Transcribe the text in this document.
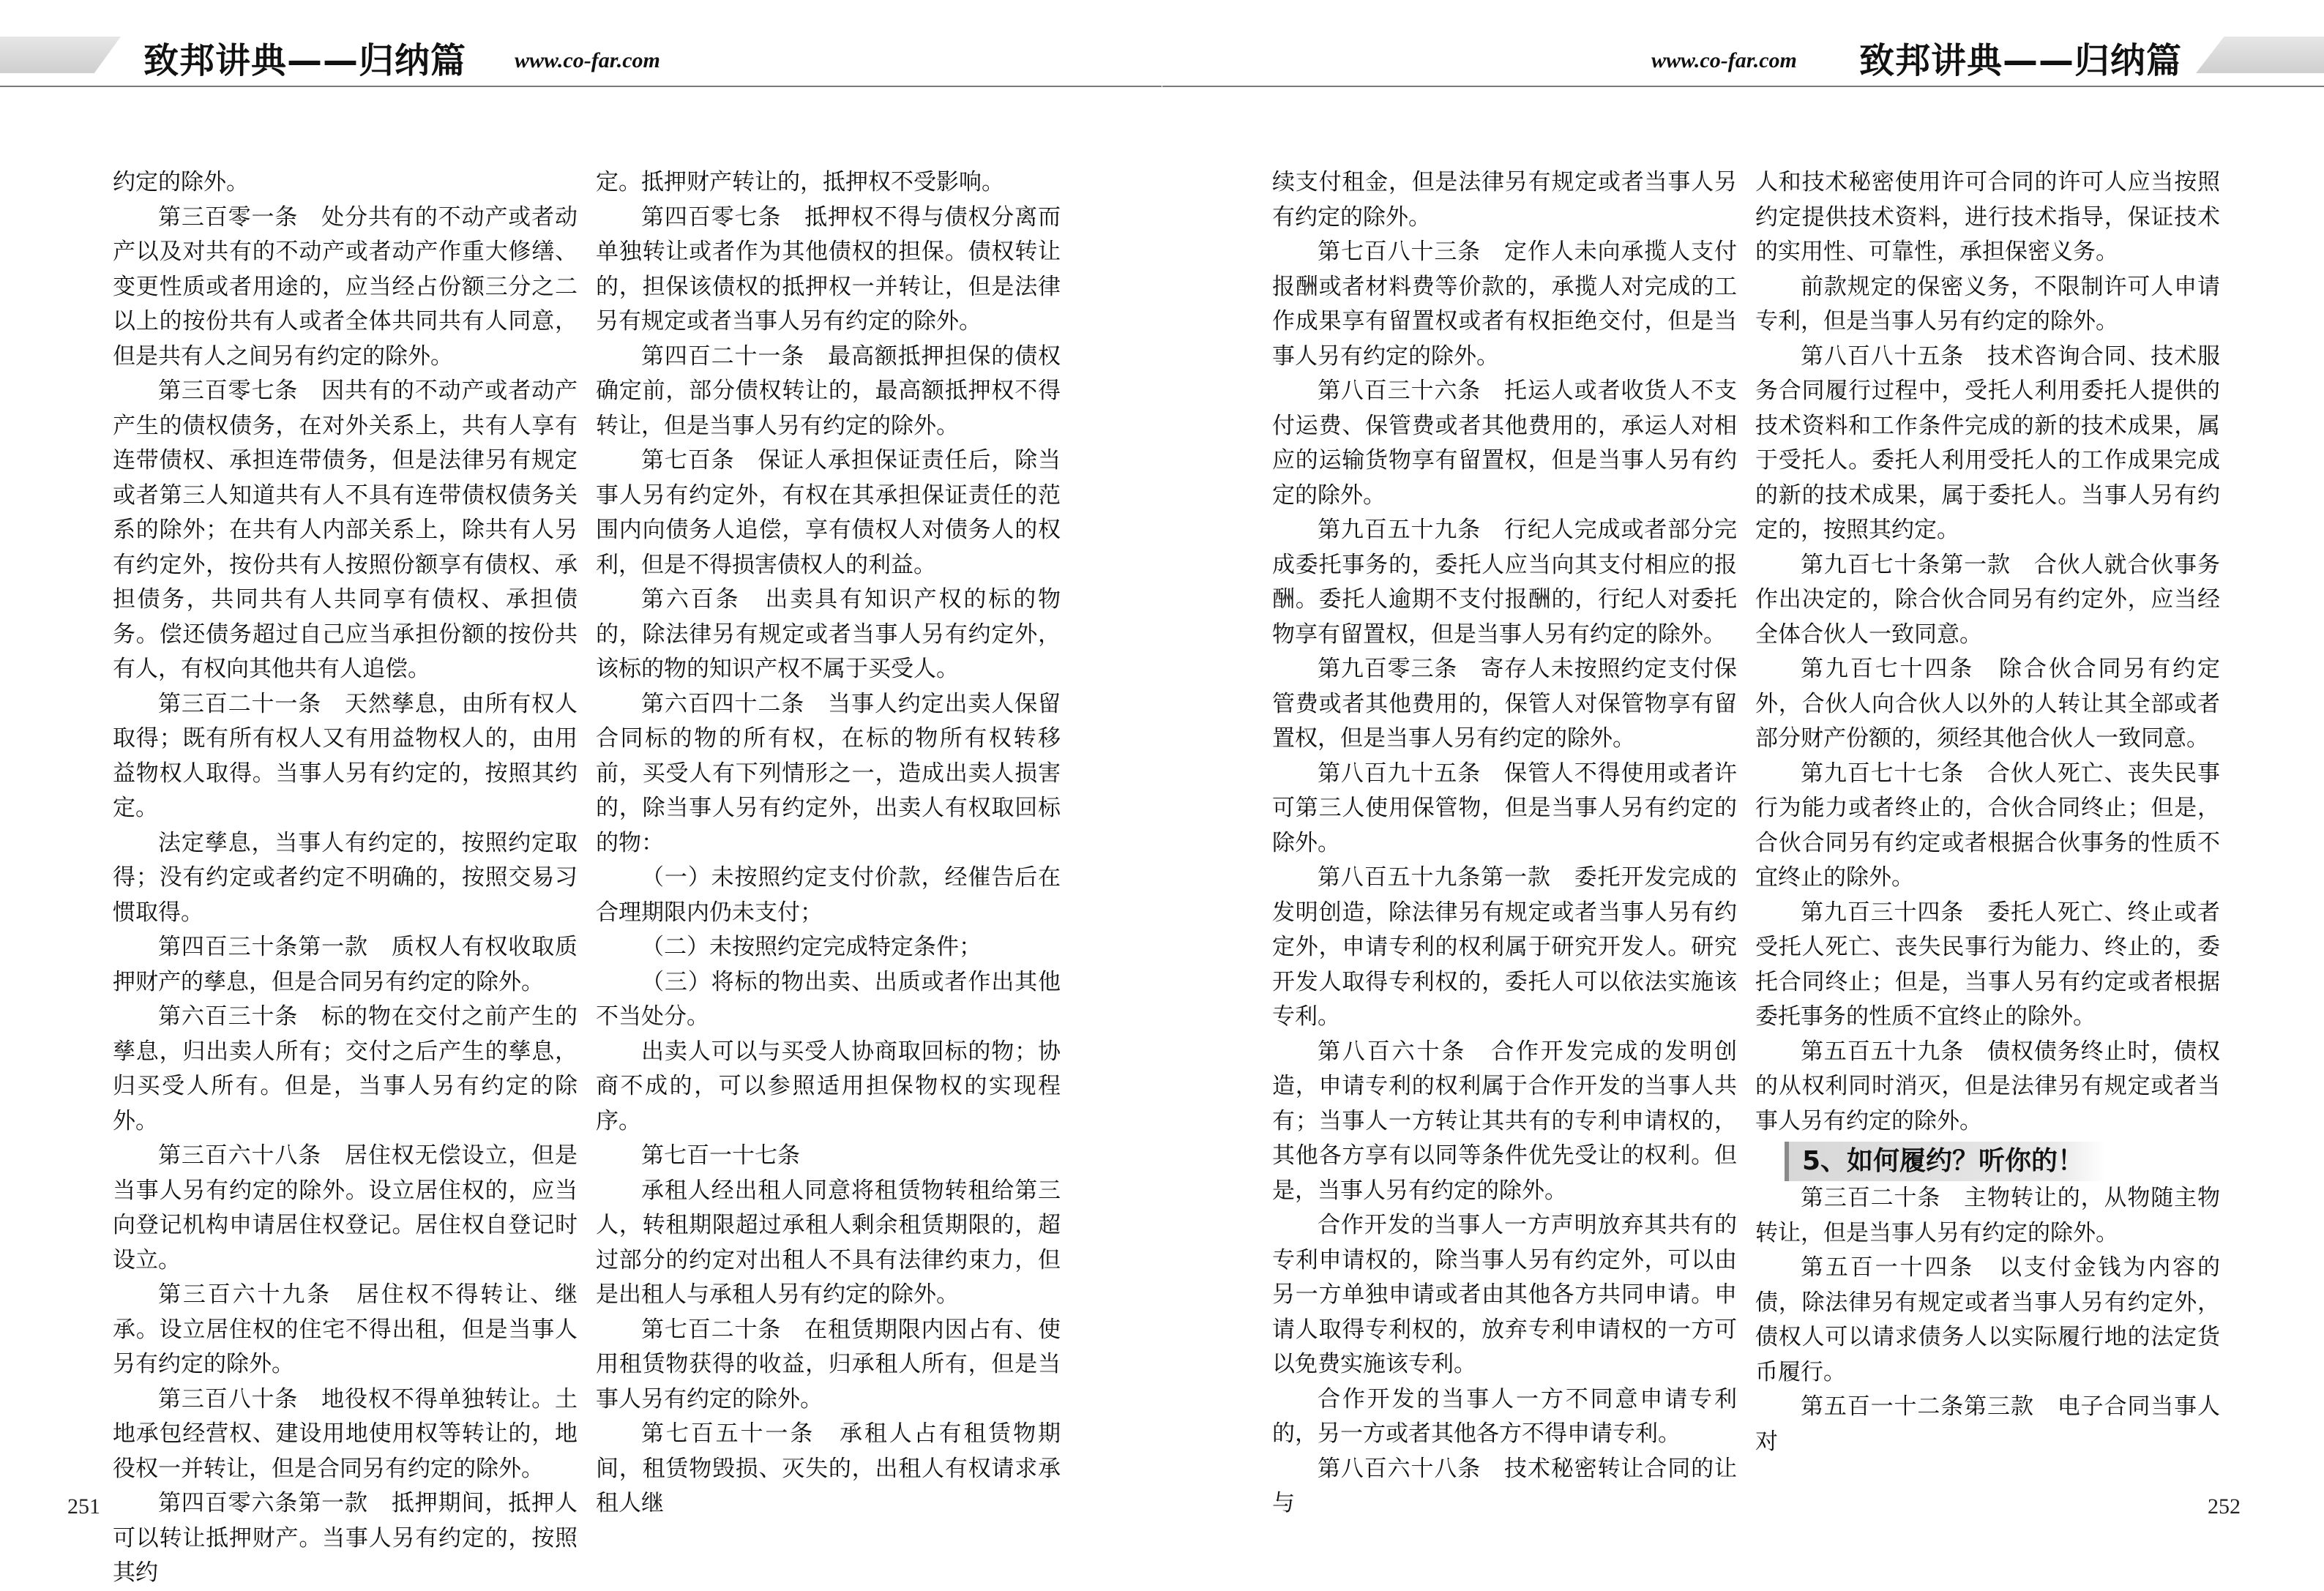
致邦讲典——归纳篇 www.co-far.com

约定的除外。

第三百零一条　处分共有的不动产或者动产以及对共有的不动产或者动产作重大修缮、变更性质或者用途的，应当经占份额三分之二以上的按份共有人或者全体共同共有人同意，但是共有人之间另有约定的除外。

第三百零七条　因共有的不动产或者动产产生的债权债务，在对外关系上，共有人享有连带债权、承担连带债务，但是法律另有规定或者第三人知道共有人不具有连带债权债务关系的除外；在共有人内部关系上，除共有人另有约定外，按份共有人按照份额享有债权、承担债务，共同共有人共同享有债权、承担债务。偿还债务超过自己应当承担份额的按份共有人，有权向其他共有人追偿。

第三百二十一条　天然孳息，由所有权人取得；既有所有权人又有用益物权人的，由用益物权人取得。当事人另有约定的，按照其约定。

法定孳息，当事人有约定的，按照约定取得；没有约定或者约定不明确的，按照交易习惯取得。

第四百三十条第一款　质权人有权收取质押财产的孳息，但是合同另有约定的除外。

第六百三十条　标的物在交付之前产生的孳息，归出卖人所有；交付之后产生的孳息，归买受人所有。但是，当事人另有约定的除外。

第三百六十八条　居住权无偿设立，但是当事人另有约定的除外。设立居住权的，应当向登记机构申请居住权登记。居住权自登记时设立。

第三百六十九条　居住权不得转让、继承。设立居住权的住宅不得出租，但是当事人另有约定的除外。

第三百八十条　地役权不得单独转让。土地承包经营权、建设用地使用权等转让的，地役权一并转让，但是合同另有约定的除外。

第四百零六条第一款　抵押期间，抵押人可以转让抵押财产。当事人另有约定的，按照其约

定。抵押财产转让的，抵押权不受影响。

第四百零七条　抵押权不得与债权分离而单独转让或者作为其他债权的担保。债权转让的，担保该债权的抵押权一并转让，但是法律另有规定或者当事人另有约定的除外。

第四百二十一条　最高额抵押担保的债权确定前，部分债权转让的，最高额抵押权不得转让，但是当事人另有约定的除外。

第七百条　保证人承担保证责任后，除当事人另有约定外，有权在其承担保证责任的范围内向债务人追偿，享有债权人对债务人的权利，但是不得损害债权人的利益。

第六百条　出卖具有知识产权的标的物的，除法律另有规定或者当事人另有约定外，该标的物的知识产权不属于买受人。

第六百四十二条　当事人约定出卖人保留合同标的物的所有权，在标的物所有权转移前，买受人有下列情形之一，造成出卖人损害的，除当事人另有约定外，出卖人有权取回标的物：

（一）未按照约定支付价款，经催告后在合理期限内仍未支付；

（二）未按照约定完成特定条件；

（三）将标的物出卖、出质或者作出其他不当处分。

出卖人可以与买受人协商取回标的物；协商不成的，可以参照适用担保物权的实现程序。

第七百一十七条

承租人经出租人同意将租赁物转租给第三人，转租期限超过承租人剩余租赁期限的，超过部分的约定对出租人不具有法律约束力，但是出租人与承租人另有约定的除外。

第七百二十条　在租赁期限内因占有、使用租赁物获得的收益，归承租人所有，但是当事人另有约定的除外。

第七百五十一条　承租人占有租赁物期间，租赁物毁损、灭失的，出租人有权请求承租人继

251
www.co-far.com 致邦讲典——归纳篇

续支付租金，但是法律另有规定或者当事人另有约定的除外。

第七百八十三条　定作人未向承揽人支付报酬或者材料费等价款的，承揽人对完成的工作成果享有留置权或者有权拒绝交付，但是当事人另有约定的除外。

第八百三十六条　托运人或者收货人不支付运费、保管费或者其他费用的，承运人对相应的运输货物享有留置权，但是当事人另有约定的除外。

第九百五十九条　行纪人完成或者部分完成委托事务的，委托人应当向其支付相应的报酬。委托人逾期不支付报酬的，行纪人对委托物享有留置权，但是当事人另有约定的除外。

第九百零三条　寄存人未按照约定支付保管费或者其他费用的，保管人对保管物享有留置权，但是当事人另有约定的除外。

第八百九十五条　保管人不得使用或者许可第三人使用保管物，但是当事人另有约定的除外。

第八百五十九条第一款　委托开发完成的发明创造，除法律另有规定或者当事人另有约定外，申请专利的权利属于研究开发人。研究开发人取得专利权的，委托人可以依法实施该专利。

第八百六十条　合作开发完成的发明创造，申请专利的权利属于合作开发的当事人共有；当事人一方转让其共有的专利申请权的，其他各方享有以同等条件优先受让的权利。但是，当事人另有约定的除外。

合作开发的当事人一方声明放弃其共有的专利申请权的，除当事人另有约定外，可以由另一方单独申请或者由其他各方共同申请。申请人取得专利权的，放弃专利申请权的一方可以免费实施该专利。

合作开发的当事人一方不同意申请专利的，另一方或者其他各方不得申请专利。

第八百六十八条　技术秘密转让合同的让与

人和技术秘密使用许可合同的许可人应当按照约定提供技术资料，进行技术指导，保证技术的实用性、可靠性，承担保密义务。

前款规定的保密义务，不限制许可人申请专利，但是当事人另有约定的除外。

第八百八十五条　技术咨询合同、技术服务合同履行过程中，受托人利用委托人提供的技术资料和工作条件完成的新的技术成果，属于受托人。委托人利用受托人的工作成果完成的新的技术成果，属于委托人。当事人另有约定的，按照其约定。

第九百七十条第一款　合伙人就合伙事务作出决定的，除合伙合同另有约定外，应当经全体合伙人一致同意。

第九百七十四条　除合伙合同另有约定外，合伙人向合伙人以外的人转让其全部或者部分财产份额的，须经其他合伙人一致同意。

第九百七十七条　合伙人死亡、丧失民事行为能力或者终止的，合伙合同终止；但是，合伙合同另有约定或者根据合伙事务的性质不宜终止的除外。

第九百三十四条　委托人死亡、终止或者受托人死亡、丧失民事行为能力、终止的，委托合同终止；但是，当事人另有约定或者根据委托事务的性质不宜终止的除外。

第五百五十九条　债权债务终止时，债权的从权利同时消灭，但是法律另有规定或者当事人另有约定的除外。

5、如何履约？听你的！

第三百二十条　主物转让的，从物随主物转让，但是当事人另有约定的除外。

第五百一十四条　以支付金钱为内容的债，除法律另有规定或者当事人另有约定外，债权人可以请求债务人以实际履行地的法定货币履行。

第五百一十二条第三款　电子合同当事人对

252
